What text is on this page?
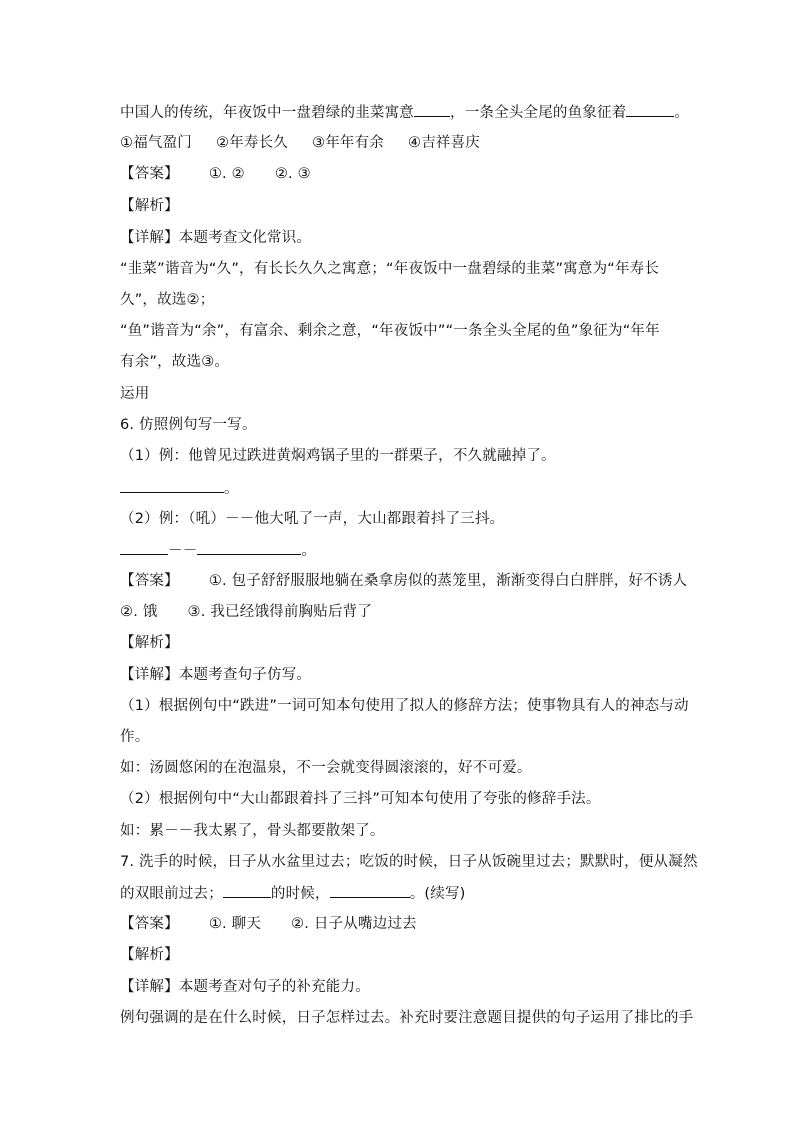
中国人的传统，年夜饭中一盘碧绿的韭菜寓意 ，一条全头全尾的鱼象征着	。
①福气盈门 ②年寿长久 ③年年有余 ④吉祥喜庆
【答案】 ①. ② ②. ③
【解析】
【详解】本题考查文化常识。
“韭菜”谐音为“久”，有长长久久之寓意；“年夜饭中一盘碧绿的韭菜”寓意为“年寿长
久”，故选②；
“鱼”谐音为“余”，有富余、剩余之意，“年夜饭中”“一条全头全尾的鱼”象征为“年年
有余”，故选③。
运用
6. 仿照例句写一写。
（1）例：他曾见过跌进黄焖鸡锅子里的一群栗子，不久就融掉了。
。
（2）例：（吼）－－他大吼了一声，大山都跟着抖了三抖。
－－	。
【答案】 ①. 包子舒舒服服地躺在桑拿房似的蒸笼里，渐渐变得白白胖胖，好不诱人
②. 饿 ③. 我已经饿得前胸贴后背了
【解析】
【详解】本题考查句子仿写。
（1）根据例句中“跌进”一词可知本句使用了拟人的修辞方法；使事物具有人的神态与动
作。
如：汤圆悠闲的在泡温泉，不一会就变得圆滚滚的，好不可爱。
（2）根据例句中“大山都跟着抖了三抖”可知本句使用了夸张的修辞手法。
如：累－－我太累了，骨头都要散架了。
7. 洗手的时候，日子从水盆里过去；吃饭的时候，日子从饭碗里过去；默默时，便从凝然
的双眼前过去；	的时候，	。(续写)
【答案】 ①. 聊天 ②. 日子从嘴边过去
【解析】
【详解】本题考查对句子的补充能力。
例句强调的是在什么时候，日子怎样过去。补充时要注意题目提供的句子运用了排比的手
